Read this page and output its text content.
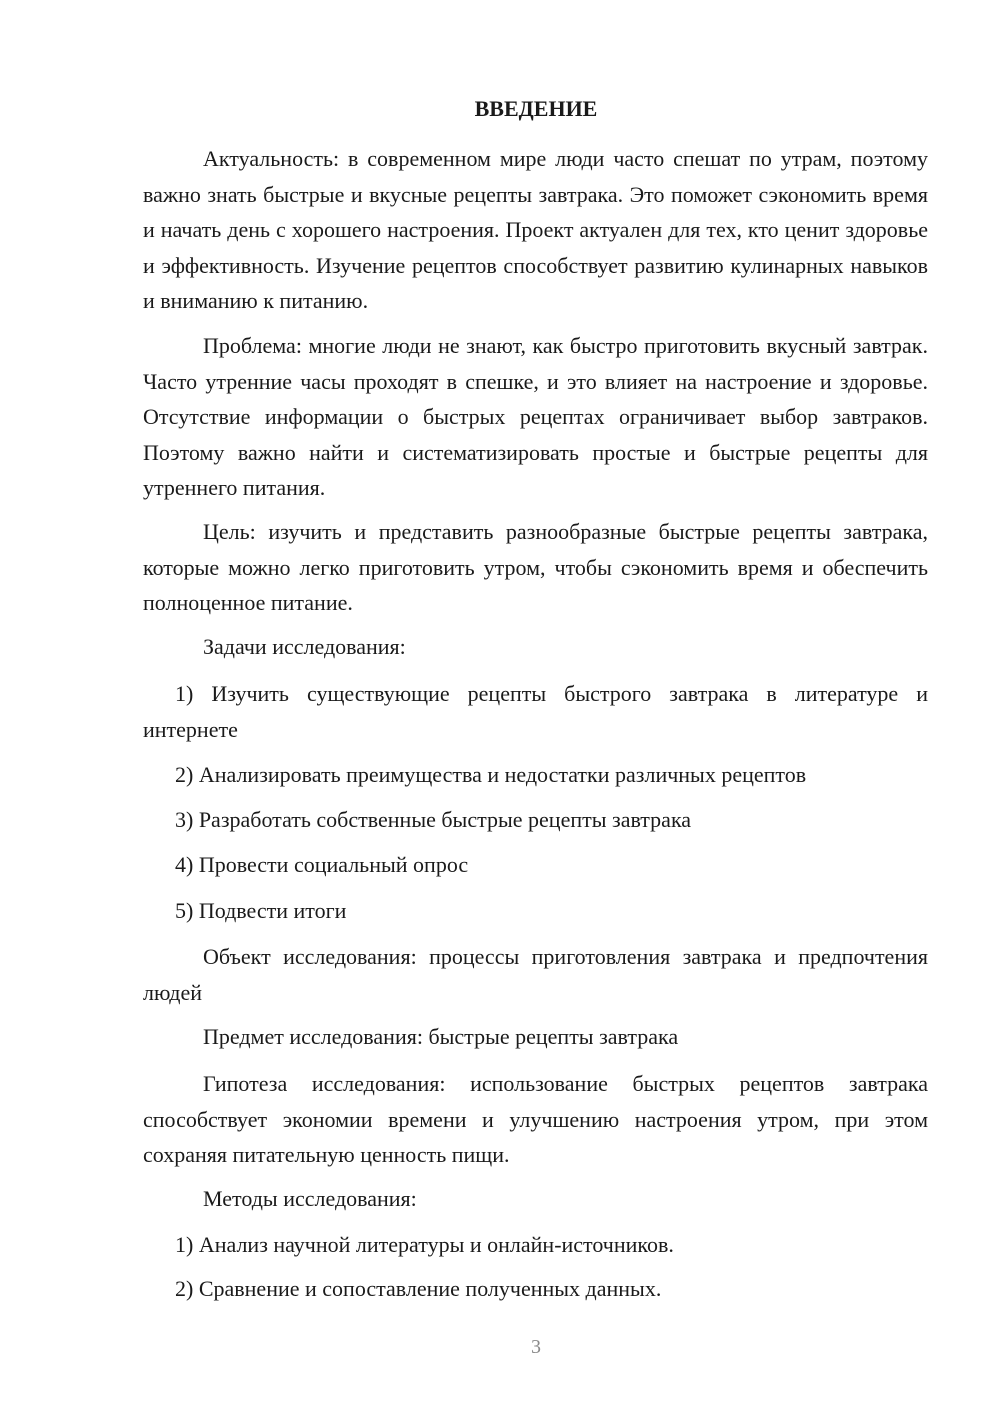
ВВЕДЕНИЕ

Актуальность: в современном мире люди часто спешат по утрам, поэтому важно знать быстрые и вкусные рецепты завтрака. Это поможет сэкономить время и начать день с хорошего настроения. Проект актуален для тех, кто ценит здоровье и эффективность. Изучение рецептов способствует развитию кулинарных навыков и вниманию к питанию.

Проблема: многие люди не знают, как быстро приготовить вкусный завтрак. Часто утренние часы проходят в спешке, и это влияет на настроение и здоровье. Отсутствие информации о быстрых рецептах ограничивает выбор завтраков. Поэтому важно найти и систематизировать простые и быстрые рецепты для утреннего питания.

Цель: изучить и представить разнообразные быстрые рецепты завтрака, которые можно легко приготовить утром, чтобы сэкономить время и обеспечить полноценное питание.

Задачи исследования:

1) Изучить существующие рецепты быстрого завтрака в литературе и интернете

2) Анализировать преимущества и недостатки различных рецептов

3) Разработать собственные быстрые рецепты завтрака

4) Провести социальный опрос

5) Подвести итоги

Объект исследования: процессы приготовления завтрака и предпочтения людей

Предмет исследования: быстрые рецепты завтрака

Гипотеза исследования: использование быстрых рецептов завтрака способствует экономии времени и улучшению настроения утром, при этом сохраняя питательную ценность пищи.

Методы исследования:

1) Анализ научной литературы и онлайн-источников.

2) Сравнение и сопоставление полученных данных.

3
